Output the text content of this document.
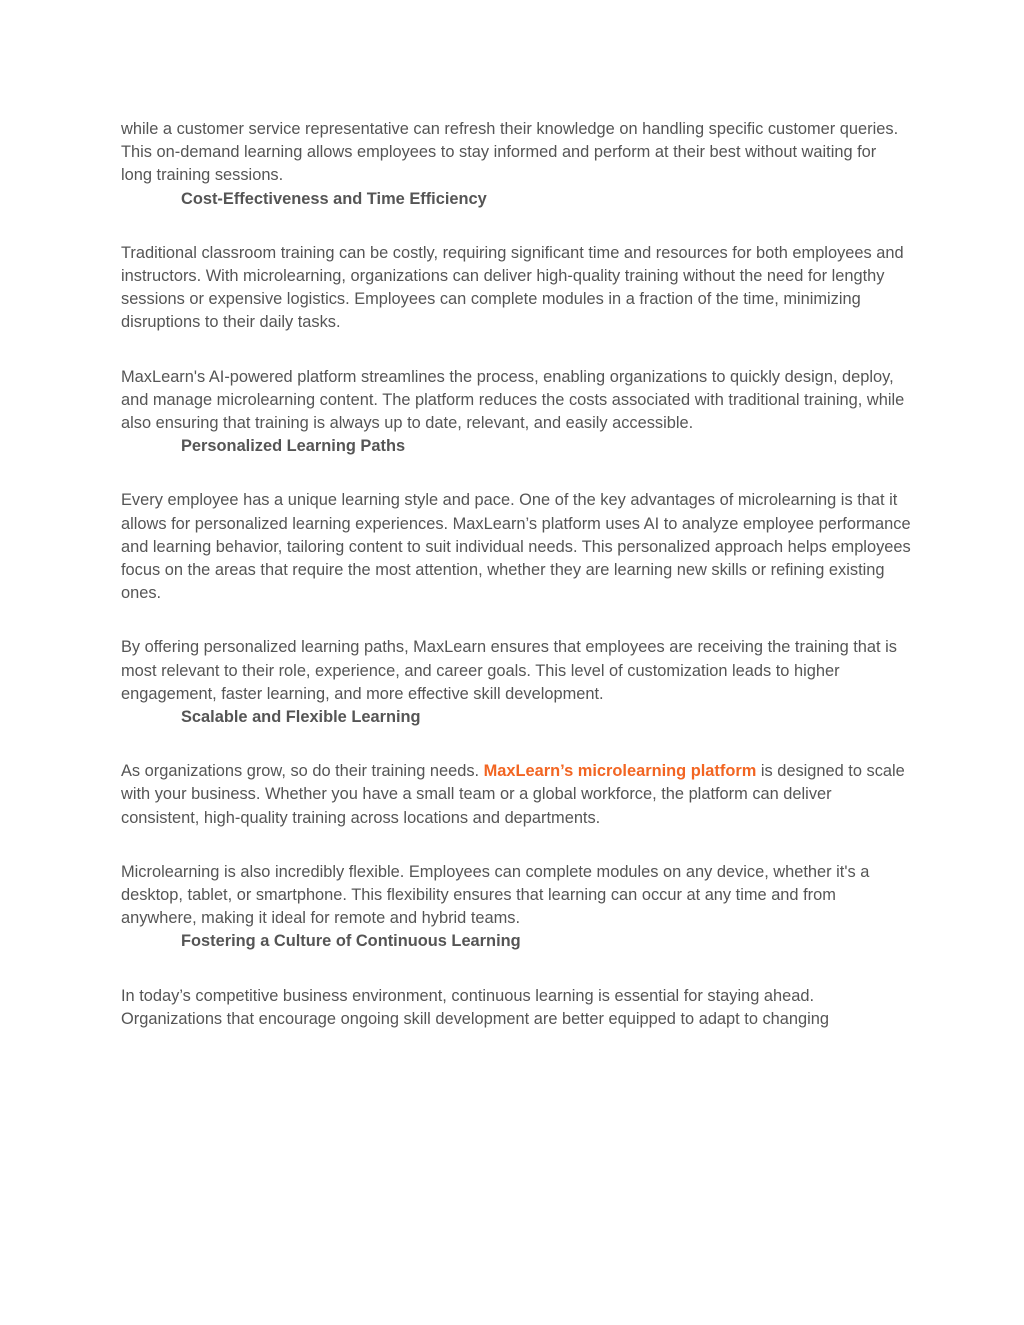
while a customer service representative can refresh their knowledge on handling specific customer queries. This on-demand learning allows employees to stay informed and perform at their best without waiting for long training sessions.

Cost-Effectiveness and Time Efficiency

Traditional classroom training can be costly, requiring significant time and resources for both employees and instructors. With microlearning, organizations can deliver high-quality training without the need for lengthy sessions or expensive logistics. Employees can complete modules in a fraction of the time, minimizing disruptions to their daily tasks.

MaxLearn's AI-powered platform streamlines the process, enabling organizations to quickly design, deploy, and manage microlearning content. The platform reduces the costs associated with traditional training, while also ensuring that training is always up to date, relevant, and easily accessible.

Personalized Learning Paths

Every employee has a unique learning style and pace. One of the key advantages of microlearning is that it allows for personalized learning experiences. MaxLearn’s platform uses AI to analyze employee performance and learning behavior, tailoring content to suit individual needs. This personalized approach helps employees focus on the areas that require the most attention, whether they are learning new skills or refining existing ones.

By offering personalized learning paths, MaxLearn ensures that employees are receiving the training that is most relevant to their role, experience, and career goals. This level of customization leads to higher engagement, faster learning, and more effective skill development.

Scalable and Flexible Learning

As organizations grow, so do their training needs. MaxLearn’s microlearning platform is designed to scale with your business. Whether you have a small team or a global workforce, the platform can deliver consistent, high-quality training across locations and departments.

Microlearning is also incredibly flexible. Employees can complete modules on any device, whether it's a desktop, tablet, or smartphone. This flexibility ensures that learning can occur at any time and from anywhere, making it ideal for remote and hybrid teams.

Fostering a Culture of Continuous Learning

In today’s competitive business environment, continuous learning is essential for staying ahead. Organizations that encourage ongoing skill development are better equipped to adapt to changing
